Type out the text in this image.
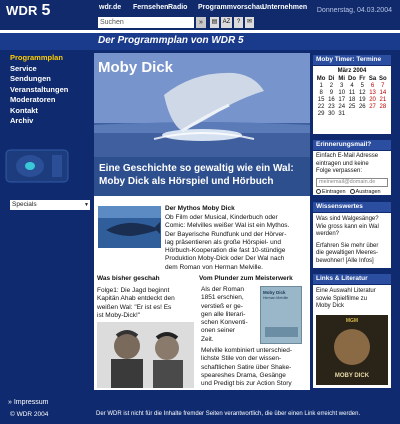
WDR 5	wdr.de Fernsehen Radio Programmvorschau
Unternehmen Donnerstag, 04.03.2004
Suchen	»	▤ AZ	?	✉
Der Programmplan von WDR 5
Programmplan
Service
Sendungen
Veranstaltungen
Moderatoren
Kontakt
Archiv
Specials	▼
Moby Dick
Eine Geschichte so gewaltig wie ein Wal:
Moby Dick als Hörspiel und Hörbuch
Der Mythos Moby Dick
Ob Film oder Musical, Kinderbuch oder
Comic: Melvilles weißer Wal ist ein Mythos.
Der Bayerische Rundfunk und der Hörver-
lag präsentieren als große Hörspiel- und
Hörbuch-Kooperation die fast 10-stündige
Produktion Moby-Dick oder Der Wal nach
dem Roman von Herman Melville.
Was bisher geschah
Folge1: Die Jagd beginnt
Kapitän Ahab entdeckt den
weißen Wal: "Er ist es! Es
ist Moby-Dick!"
Vom Plunder zum Meisterwerk
Als der Roman
1851 erschien,
verstieß er ge-
gen alle literari-
schen Konventi-
onen seiner
Zeit.
Moby Dick
Herman Melville
Melville kombiniert unterschied-
lichste Stile von der wissen-
schaftlichen Satire über Shake-
speareshes Drama, Gesänge
und Predigt bis zur Action Story
Moby Timer: Termine
März 2004
Mo Di Mi Do Fr Sa So
1	2	3	4	5	6	7
8	9 10 11 12 13 14
15 16 17 18 19 20 21
22 23 24 25 26 27 28
29 30 31
Erinnerungsmail?
Einfach E-Mail Adresse
eintragen und keine
Folge verpassen:
meinemail@domain.de
Eintragen	Austragen
Wissenswertes
Was sind Walgesänge?
Wie gross kann ein Wal
werden?
Erfahren Sie mehr über
die gewaltigen Meeres-
bewohner! [Alle Infos]
Links & Literatur
Eine Auswahl Literatur
sowie Spielfilme zu
Moby Dick
MGM
MOBY DICK
» Impressum
© WDR 2004	Der WDR ist nicht für die Inhalte fremder Seiten verantwortlich, die über einen Link erreicht werden.
